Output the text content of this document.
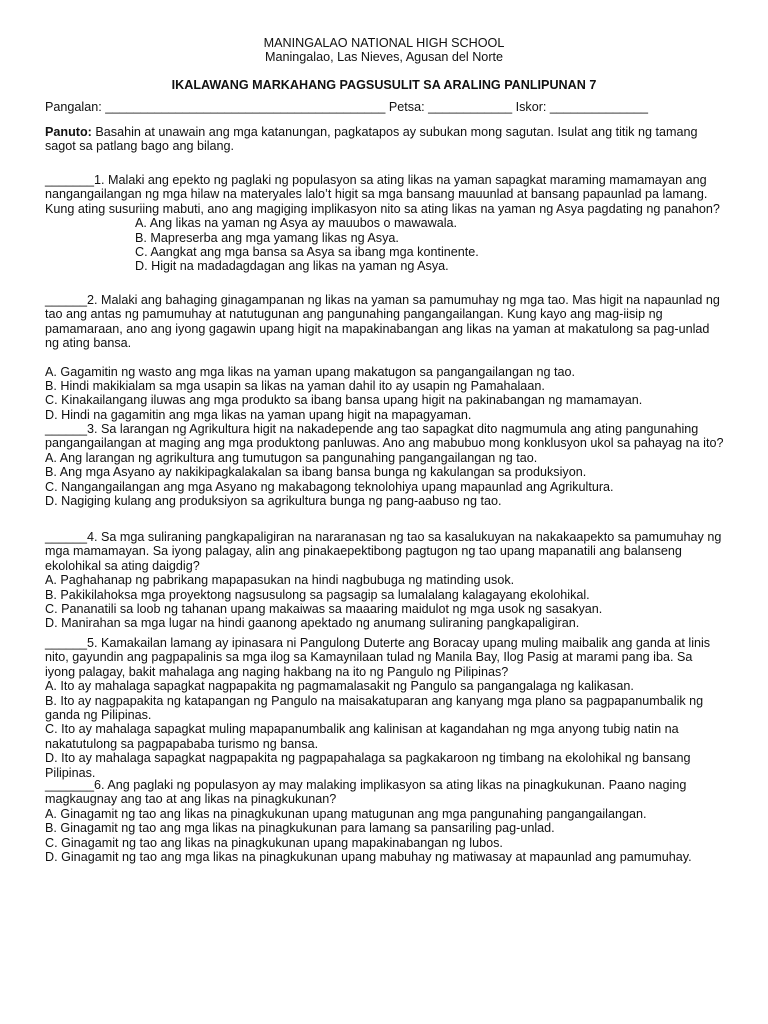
MANINGALAO NATIONAL HIGH SCHOOL
Maningalao, Las Nieves, Agusan del Norte
IKALAWANG MARKAHANG PAGSUSULIT SA ARALING PANLIPUNAN 7
Pangalan: ________________________________________ Petsa: ____________ Iskor: ______________
Panuto: Basahin at unawain ang mga katanungan, pagkatapos ay subukan mong sagutan. Isulat ang titik ng tamang sagot sa patlang bago ang bilang.

_______1. Malaki ang epekto ng paglaki ng populasyon sa ating likas na yaman sapagkat maraming mamamayan ang nangangailangan ng mga hilaw na materyales lalo’t higit sa mga bansang mauunlad at bansang papaunlad pa lamang. Kung ating susuriing mabuti, ano ang magiging implikasyon nito sa ating likas na yaman ng Asya pagdating ng panahon?

A. Ang likas na yaman ng Asya ay mauubos o mawawala.
B. Mapreserba ang mga yamang likas ng Asya.
C. Aangkat ang mga bansa sa Asya sa ibang mga kontinente.
D. Higit na madadagdagan ang likas na yaman ng Asya.

______2. Malaki ang bahaging ginagampanan ng likas na yaman sa pamumuhay ng mga tao. Mas higit na napaunlad ng tao ang antas ng pamumuhay at natutugunan ang pangunahing pangangailangan. Kung kayo ang mag-iisip ng pamamaraan, ano ang iyong gagawin upang higit na mapakinabangan ang likas na yaman at makatulong sa pag-unlad ng ating bansa.

A. Gagamitin ng wasto ang mga likas na yaman upang makatugon sa pangangailangan ng tao.
B. Hindi makikialam sa mga usapin sa likas na yaman dahil ito ay usapin ng Pamahalaan.
C. Kinakailangang iluwas ang mga produkto sa ibang bansa upang higit na pakinabangan ng mamamayan.
D. Hindi na gagamitin ang mga likas na yaman upang higit na mapagyaman.

______3. Sa larangan ng Agrikultura higit na nakadepende ang tao sapagkat dito nagmumula ang ating pangunahing pangangailangan at maging ang mga produktong panluwas. Ano ang mabubuo mong konklusyon ukol sa pahayag na ito?

A. Ang larangan ng agrikultura ang tumutugon sa pangunahing pangangailangan ng tao.
B. Ang mga Asyano ay nakikipagkalakalan sa ibang bansa bunga ng kakulangan sa produksiyon.
C. Nangangailangan ang mga Asyano ng makabagong teknolohiya upang mapaunlad ang Agrikultura.
D. Nagiging kulang ang produksiyon sa agrikultura bunga ng pang-aabuso ng tao.

______4. Sa mga suliraning pangkapaligiran na nararanasan ng tao sa kasalukuyan na nakakaapekto sa pamumuhay ng mga mamamayan. Sa iyong palagay, alin ang pinakaepektibong pagtugon ng tao upang mapanatili ang balanseng ekolohikal sa ating daigdig?

A. Paghahanap ng pabrikang mapapasukan na hindi nagbubuga ng matinding usok.
B. Pakikilahoksa mga proyektong nagsusulong sa pagsagip sa lumalalang kalagayang ekolohikal.
C. Pananatili sa loob ng tahanan upang makaiwas sa maaaring maidulot ng mga usok ng sasakyan.
D. Manirahan sa mga lugar na hindi gaanong apektado ng anumang suliraning pangkapaligiran.

______5. Kamakailan lamang ay ipinasara ni Pangulong Duterte ang Boracay upang muling maibalik ang ganda at linis nito, gayundin ang pagpapalinis sa mga ilog sa Kamaynilaan tulad ng Manila Bay, Ilog Pasig at marami pang iba. Sa iyong palagay, bakit mahalaga ang naging hakbang na ito ng Pangulo ng Pilipinas?

A. Ito ay mahalaga sapagkat nagpapakita ng pagmamalasakit ng Pangulo sa pangangalaga ng kalikasan.
B. Ito ay nagpapakita ng katapangan ng Pangulo na maisakatuparan ang kanyang mga plano sa pagpapanumbalik ng ganda ng Pilipinas.
C. Ito ay mahalaga sapagkat muling mapapanumbalik ang kalinisan at kagandahan ng mga anyong tubig natin na nakatutulong sa pagpapababa turismo ng bansa.
D. Ito ay mahalaga sapagkat nagpapakita ng pagpapahalaga sa pagkakaroon ng timbang na ekolohikal ng bansang Pilipinas.

_______6. Ang paglaki ng populasyon ay may malaking implikasyon sa ating likas na pinagkukunan. Paano naging magkaugnay ang tao at ang likas na pinagkukunan?

A. Ginagamit ng tao ang likas na pinagkukunan upang matugunan ang mga pangunahing pangangailangan.
B. Ginagamit ng tao ang mga likas na pinagkukunan para lamang sa pansariling pag-unlad.
C. Ginagamit ng tao ang likas na pinagkukunan upang mapakinabangan ng lubos.
D. Ginagamit ng tao ang mga likas na pinagkukunan upang mabuhay ng matiwasay at mapaunlad ang pamumuhay.
